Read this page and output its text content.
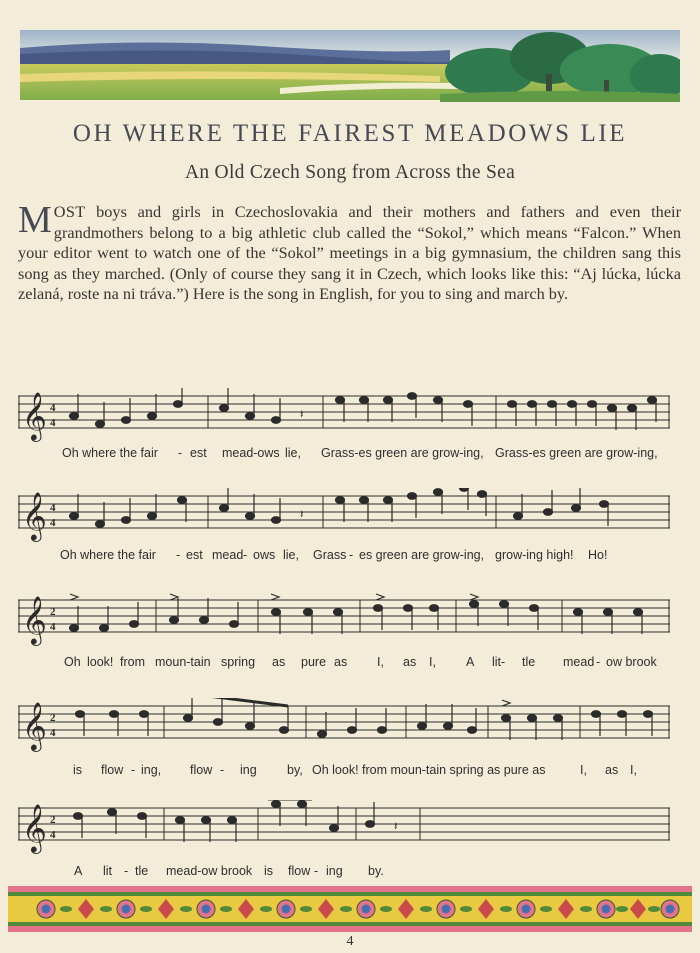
OH WHERE THE FAIREST MEADOWS LIE
An Old Czech Song from Across the Sea
MOST boys and girls in Czechoslovakia and their mothers and fathers and even their grandmothers belong to a big athletic club called the “Sokol,” which means “Falcon.” When your editor went to watch one of the “Sokol” meetings in a big gymnasium, the children sang this song as they marched. (Only of course they sang it in Czech, which looks like this: “Aj lúcka, lúcka zelaná, roste na ni tráva.”) Here is the song in English, for you to sing and march by.
𝄞 4
4
𝄽
Oh where the fair - est mead-ows lie, Grass-es green are grow-ing, Grass-es green are grow-ing,
𝄞 4
4
𝄽
Oh where the fair - est mead - ows lie, Grass - es green are grow-ing, grow-ing high! Ho!
𝄞 2
4
Oh look! from moun-tain spring as pure as I, as I, A lit- tle mead - ow brook
𝄞 2
4
is flow - ing, flow - ing by, Oh look! from moun-tain spring as pure as	I, as I,
𝄞 2
4
𝄽
A lit - tle mead-ow brook is flow - ing by.
4
